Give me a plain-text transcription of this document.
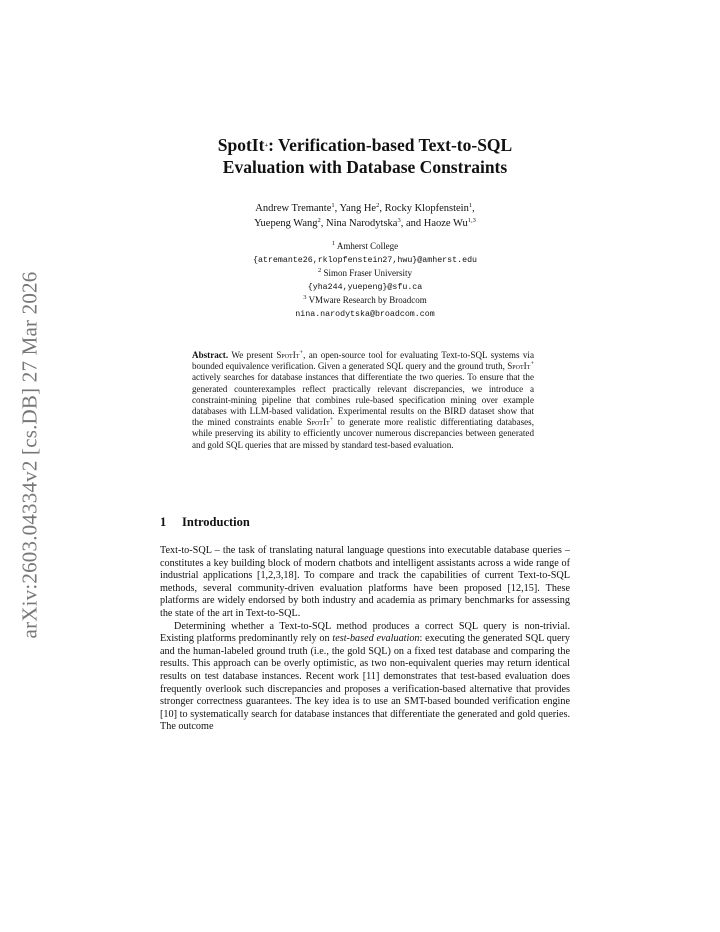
arXiv:2603.04334v2 [cs.DB] 27 Mar 2026
SpotIt+: Verification-based Text-to-SQL
Evaluation with Database Constraints
Andrew Tremante$^1$, Yang He$^2$, Rocky Klopfenstein$^1$,
Yuepeng Wang$^2$, Nina Narodytska$^3$, and Haoze Wu$^{1,3}$
$^1$ Amherst College
{atremante26,rklopfenstein27,hwu}@amherst.edu
$^2$ Simon Fraser University
{yha244,yuepeng}@sfu.ca
$^3$ VMware Research by Broadcom
nina.narodytska@broadcom.com
Abstract. We present SpotIt+, an open-source tool for evaluating Text-to-SQL systems via bounded equivalence verification. Given a generated SQL query and the ground truth, SpotIt+ actively searches for database instances that differentiate the two queries. To ensure that the generated counterexamples reflect practically relevant discrepancies, we introduce a constraint-mining pipeline that combines rule-based specification mining over example databases with LLM-based validation. Experimental results on the BIRD dataset show that the mined constraints enable SpotIt+ to generate more realistic differentiating databases, while preserving its ability to efficiently uncover numerous discrepancies between generated and gold SQL queries that are missed by standard test-based evaluation.
1 Introduction

Text-to-SQL – the task of translating natural language questions into executable database queries – constitutes a key building block of modern chatbots and intelligent assistants across a wide range of industrial applications [1,2,3,18]. To compare and track the capabilities of current Text-to-SQL methods, several community-driven evaluation platforms have been proposed [12,15]. These platforms are widely endorsed by both industry and academia as primary benchmarks for assessing the state of the art in Text-to-SQL.

Determining whether a Text-to-SQL method produces a correct SQL query is non-trivial. Existing platforms predominantly rely on test-based evaluation: executing the generated SQL query and the human-labeled ground truth (i.e., the gold SQL) on a fixed test database and comparing the results. This approach can be overly optimistic, as two non-equivalent queries may return identical results on test database instances. Recent work [11] demonstrates that test-based evaluation does frequently overlook such discrepancies and proposes a verification-based alternative that provides stronger correctness guarantees. The key idea is to use an SMT-based bounded verification engine [10] to systematically search for database instances that differentiate the generated and gold queries. The outcome
